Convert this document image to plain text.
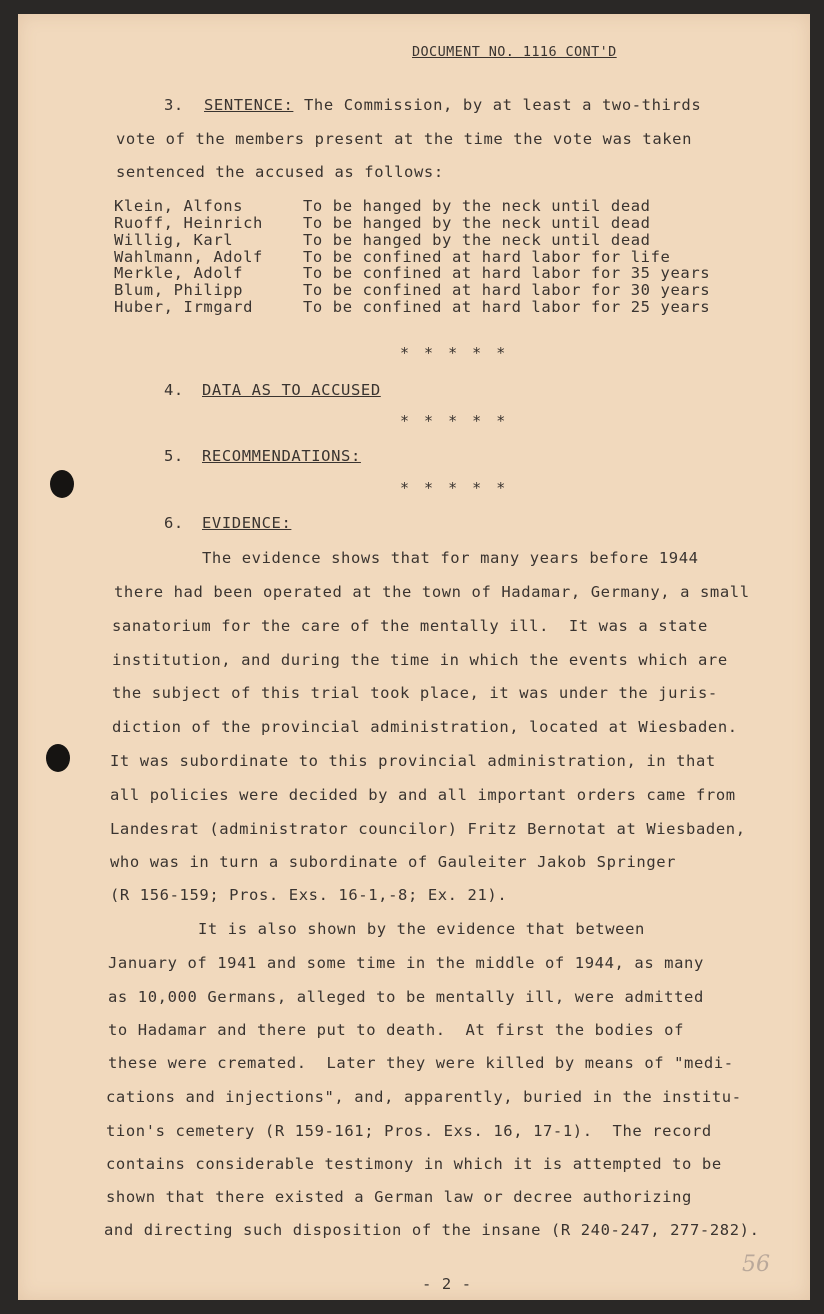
DOCUMENT NO. 1116 CONT'D
3. SENTENCE: The Commission, by at least a two-thirds
vote of the members present at the time the vote was taken
sentenced the accused as follows:
Klein, Alfons	To be hanged by the neck until dead
Ruoff, Heinrich	To be hanged by the neck until dead
Willig, Karl	To be hanged by the neck until dead
Wahlmann, Adolf	To be confined at hard labor for life
Merkle, Adolf	To be confined at hard labor for 35 years
Blum, Philipp	To be confined at hard labor for 30 years
Huber, Irmgard	To be confined at hard labor for 25 years
* * * * *
4. DATA AS TO ACCUSED
* * * * *
5. RECOMMENDATIONS:
* * * * *
6. EVIDENCE:
The evidence shows that for many years before 1944
there had been operated at the town of Hadamar, Germany, a small
sanatorium for the care of the mentally ill.  It was a state
institution, and during the time in which the events which are
the subject of this trial took place, it was under the juris-
diction of the provincial administration, located at Wiesbaden.
It was subordinate to this provincial administration, in that
all policies were decided by and all important orders came from
Landesrat (administrator councilor) Fritz Bernotat at Wiesbaden,
who was in turn a subordinate of Gauleiter Jakob Springer
(R 156-159; Pros. Exs. 16-1,-8; Ex. 21).
It is also shown by the evidence that between
January of 1941 and some time in the middle of 1944, as many
as 10,000 Germans, alleged to be mentally ill, were admitted
to Hadamar and there put to death.  At first the bodies of
these were cremated.  Later they were killed by means of "medi-
cations and injections", and, apparently, buried in the institu-
tion's cemetery (R 159-161; Pros. Exs. 16, 17-1).  The record
contains considerable testimony in which it is attempted to be
shown that there existed a German law or decree authorizing
and directing such disposition of the insane (R 240-247, 277-282).
- 2 -
56
